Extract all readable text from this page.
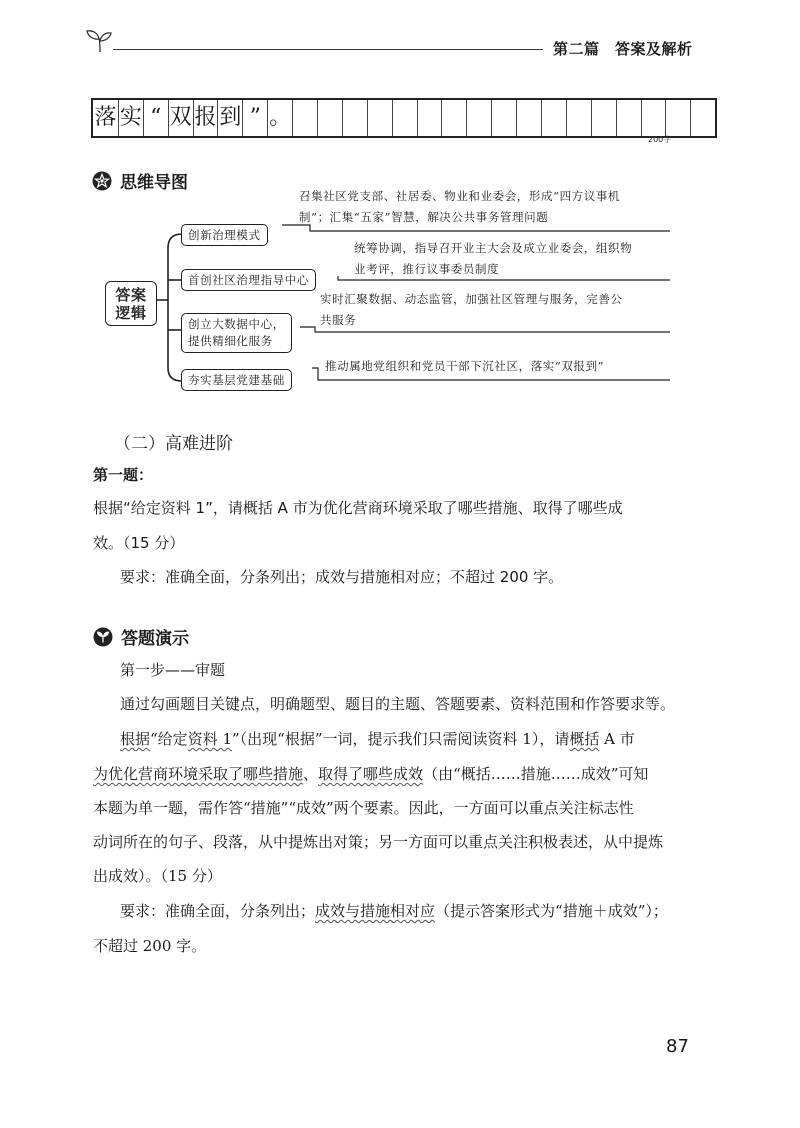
第二篇　答案及解析
落 实 “ 双 报 到 ” 。
200字
思维导图
答案
逻辑
创新治理模式
首创社区治理指导中心
创立大数据中心，
提供精细化服务
夯实基层党建基础
召集社区党支部、社居委、物业和业委会，形成“四方议事机
制”；汇集“五家”智慧，解决公共事务管理问题
统筹协调，指导召开业主大会及成立业委会，组织物
业考评，推行议事委员制度
实时汇聚数据、动态监管，加强社区管理与服务，完善公
共服务
推动属地党组织和党员干部下沉社区，落实“双报到”
（二）高难进阶
第一题：
根据“给定资料 1”，请概括 A 市为优化营商环境采取了哪些措施、取得了哪些成
效。（15 分）
要求：准确全面，分条列出；成效与措施相对应；不超过 200 字。
答题演示
第一步——审题
通过勾画题目关键点，明确题型、题目的主题、答题要素、资料范围和作答要求等。
根据“给定资料 1”（出现“根据”一词，提示我们只需阅读资料 1），请概括 A 市
为优化营商环境采取了哪些措施、取得了哪些成效（由“概括……措施……成效”可知
本题为单一题，需作答“措施”“成效”两个要素。因此，一方面可以重点关注标志性
动词所在的句子、段落，从中提炼出对策；另一方面可以重点关注积极表述，从中提炼
出成效）。（15 分）
要求：准确全面，分条列出；成效与措施相对应（提示答案形式为“措施＋成效”）；
不超过 200 字。
87
